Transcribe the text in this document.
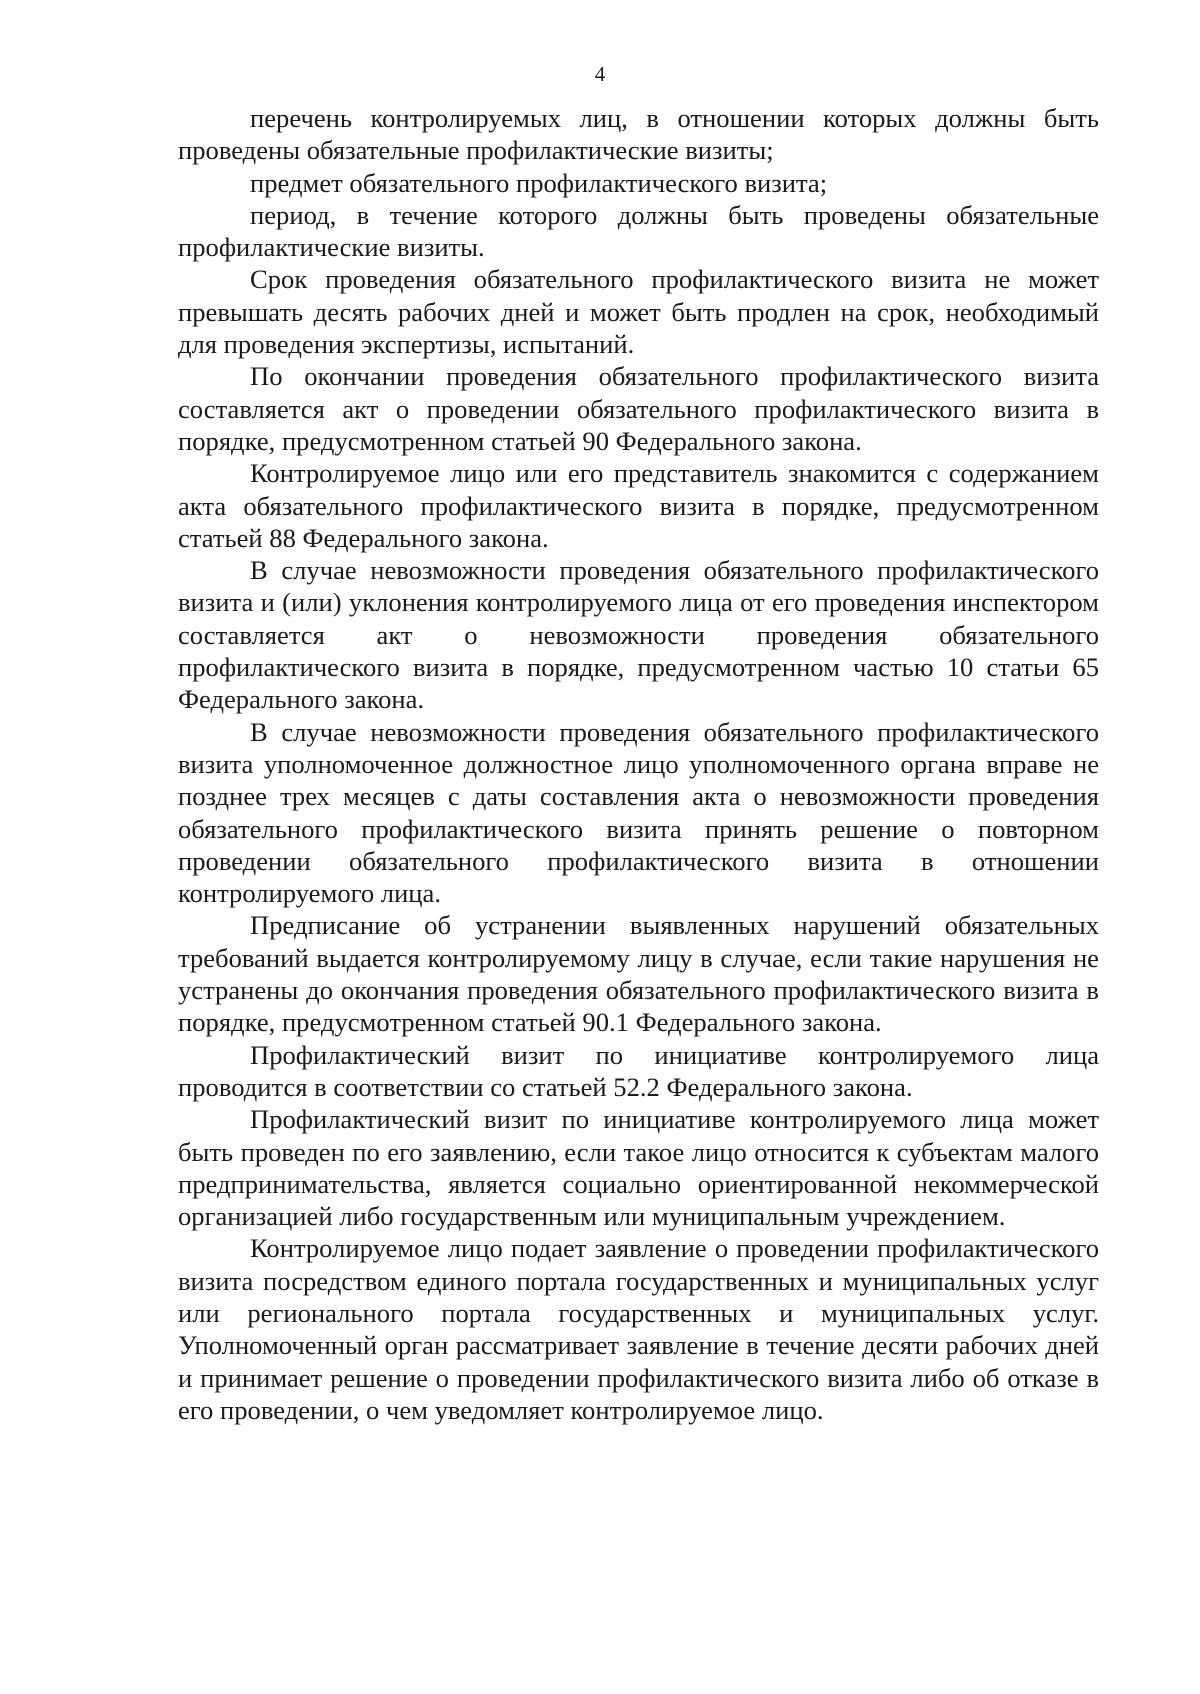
4

перечень контролируемых лиц, в отношении которых должны быть проведены обязательные профилактические визиты;

предмет обязательного профилактического визита;

период, в течение которого должны быть проведены обязательные профилактические визиты.

Срок проведения обязательного профилактического визита не может превышать десять рабочих дней и может быть продлен на срок, необходимый для проведения экспертизы, испытаний.

По окончании проведения обязательного профилактического визита составляется акт о проведении обязательного профилактического визита в порядке, предусмотренном статьей 90 Федерального закона.

Контролируемое лицо или его представитель знакомится с содержанием акта обязательного профилактического визита в порядке, предусмотренном статьей 88 Федерального закона.

В случае невозможности проведения обязательного профилактического визита и (или) уклонения контролируемого лица от его проведения инспектором составляется акт о невозможности проведения обязательного профилактического визита в порядке, предусмотренном частью 10 статьи 65 Федерального закона.

В случае невозможности проведения обязательного профилактического визита уполномоченное должностное лицо уполномоченного органа вправе не позднее трех месяцев с даты составления акта о невозможности проведения обязательного профилактического визита принять решение о повторном проведении обязательного профилактического визита в отношении контролируемого лица.

Предписание об устранении выявленных нарушений обязательных требований выдается контролируемому лицу в случае, если такие нарушения не устранены до окончания проведения обязательного профилактического визита в порядке, предусмотренном статьей 90.1 Федерального закона.

Профилактический визит по инициативе контролируемого лица проводится в соответствии со статьей 52.2 Федерального закона.

Профилактический визит по инициативе контролируемого лица может быть проведен по его заявлению, если такое лицо относится к субъектам малого предпринимательства, является социально ориентированной некоммерческой организацией либо государственным или муниципальным учреждением.

Контролируемое лицо подает заявление о проведении профилактического визита посредством единого портала государственных и муниципальных услуг или регионального портала государственных и муниципальных услуг. Уполномоченный орган рассматривает заявление в течение десяти рабочих дней и принимает решение о проведении профилактического визита либо об отказе в его проведении, о чем уведомляет контролируемое лицо.
